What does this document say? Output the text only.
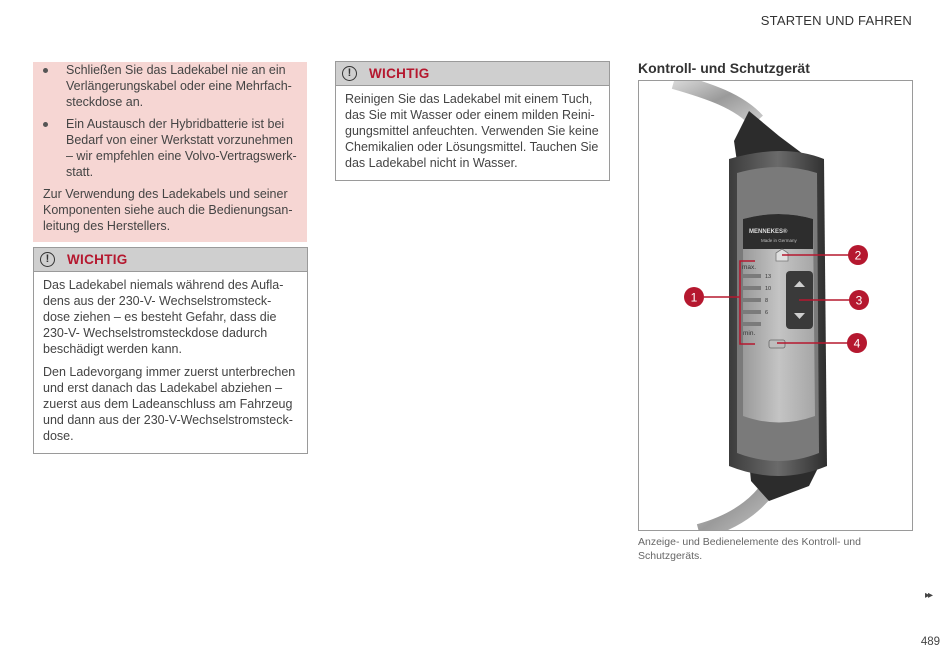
STARTEN UND FAHREN
Schließen Sie das Ladekabel nie an ein Verlängerungskabel oder eine Mehrfach-steckdose an.
Ein Austausch der Hybridbatterie ist bei Bedarf von einer Werkstatt vorzunehmen – wir empfehlen eine Volvo-Vertragswerk-statt.

Zur Verwendung des Ladekabels und seiner Komponenten siehe auch die Bedienungsan-leitung des Herstellers.

!	WICHTIG

Das Ladekabel niemals während des Aufla-dens aus der 230-V- Wechselstromsteck-dose ziehen – es besteht Gefahr, dass die 230-V- Wechselstromsteckdose dadurch beschädigt werden kann.

Den Ladevorgang immer zuerst unterbrechen und erst danach das Ladekabel abziehen – zuerst aus dem Ladeanschluss am Fahrzeug und dann aus der 230-V-Wechselstromsteck-dose.

!	WICHTIG

Reinigen Sie das Ladekabel mit einem Tuch, das Sie mit Wasser oder einem milden Reini-gungsmittel anfeuchten. Verwenden Sie keine Chemikalien oder Lösungsmittel. Tauchen Sie das Ladekabel nicht in Wasser.

Kontroll- und Schutzgerät
MENNEKES®
Made in Germany
max.
13
10
8
6
min.
1
2
3
4
Anzeige- und Bedienelemente des Kontroll- und Schutzgeräts.
▸▸
489
